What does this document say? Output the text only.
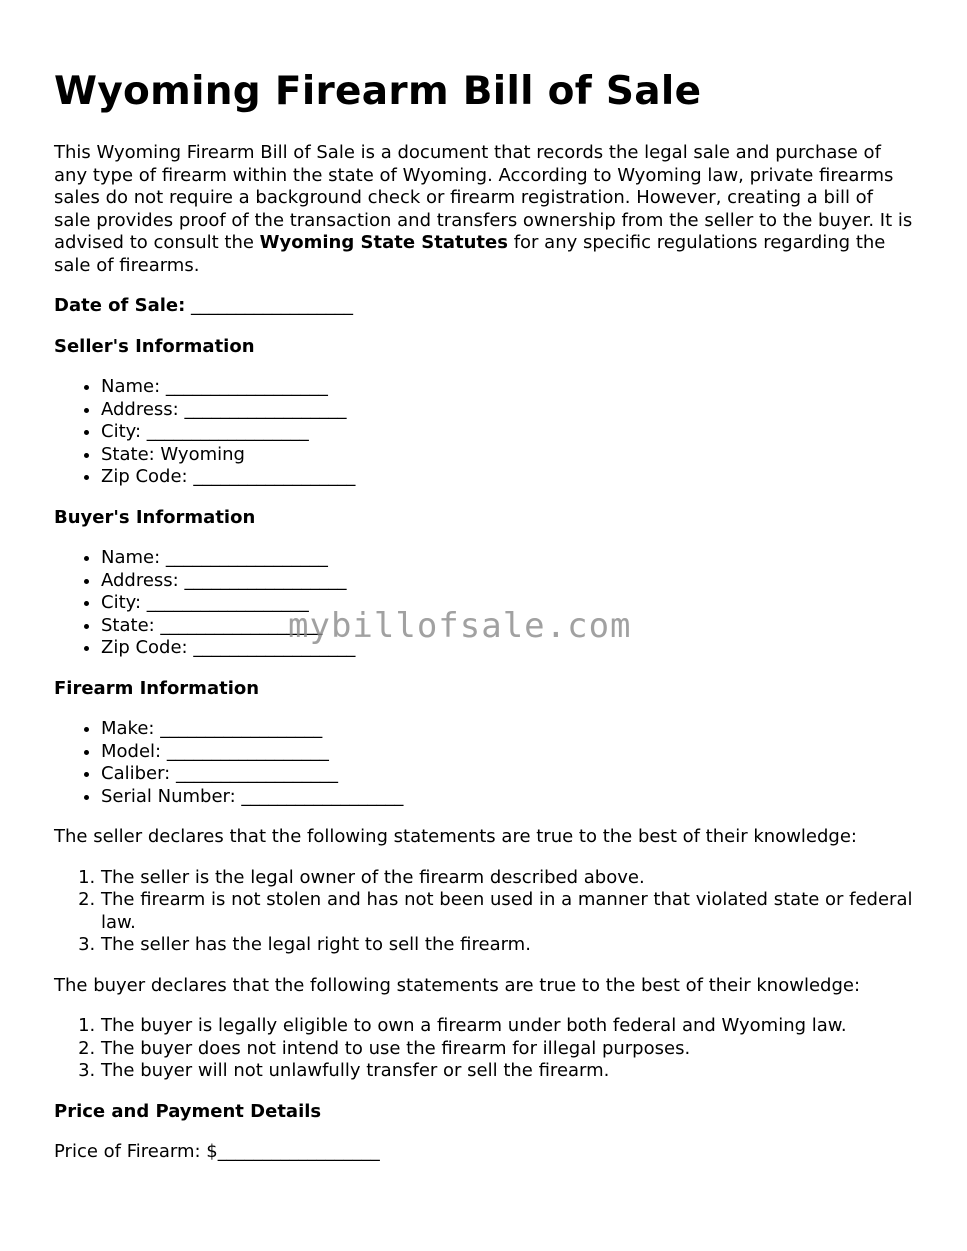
Wyoming Firearm Bill of Sale

This Wyoming Firearm Bill of Sale is a document that records the legal sale and purchase of any type of firearm within the state of Wyoming. According to Wyoming law, private firearms sales do not require a background check or firearm registration. However, creating a bill of sale provides proof of the transaction and transfers ownership from the seller to the buyer. It is advised to consult the Wyoming State Statutes for any specific regulations regarding the sale of firearms.

Date of Sale: __________________

Seller's Information
• Name: __________________
• Address: __________________
• City: __________________
• State: Wyoming
• Zip Code: __________________
Buyer's Information
• Name: __________________
• Address: __________________
• City: __________________
• State: __________________
• Zip Code: __________________
Firearm Information
• Make: __________________
• Model: __________________
• Caliber: __________________
• Serial Number: __________________

The seller declares that the following statements are true to the best of their knowledge:

1. The seller is the legal owner of the firearm described above.
2. The firearm is not stolen and has not been used in a manner that violated state or federal law.
3. The seller has the legal right to sell the firearm.

The buyer declares that the following statements are true to the best of their knowledge:

1. The buyer is legally eligible to own a firearm under both federal and Wyoming law.
2. The buyer does not intend to use the firearm for illegal purposes.
3. The buyer will not unlawfully transfer or sell the firearm.
Price and Payment Details

Price of Firearm: $__________________

mybillofsale.com
